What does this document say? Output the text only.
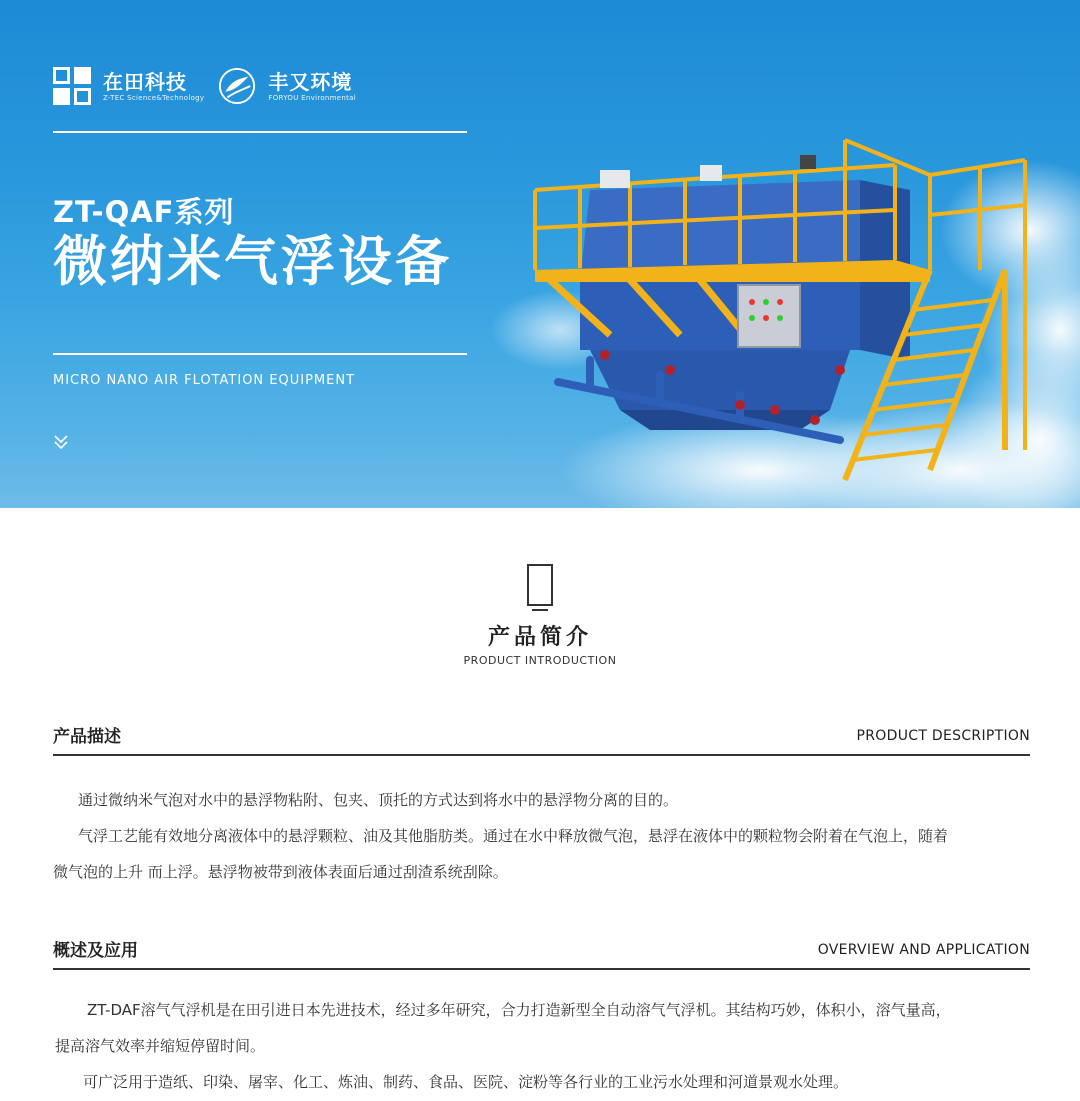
在田科技
Z-TEC Science&Technology
丰又环境
FORYOU Environmental
ZT-QAF系列
微纳米气浮设备
MICRO NANO AIR FLOTATION EQUIPMENT
产品简介
PRODUCT INTRODUCTION
产品描述	PRODUCT DESCRIPTION
通过微纳米气泡对水中的悬浮物粘附、包夹、顶托的方式达到将水中的悬浮物分离的目的。
气浮工艺能有效地分离液体中的悬浮颗粒、油及其他脂肪类。通过在水中释放微气泡，悬浮在液体中的颗粒物会附着在气泡上，随着
微气泡的上升 而上浮。悬浮物被带到液体表面后通过刮渣系统刮除。
概述及应用	OVERVIEW AND APPLICATION
ZT-DAF溶气气浮机是在田引进日本先进技术，经过多年研究，合力打造新型全自动溶气气浮机。其结构巧妙，体积小，溶气量高，
提高溶气效率并缩短停留时间。
可广泛用于造纸、印染、屠宰、化工、炼油、制药、食品、医院、淀粉等各行业的工业污水处理和河道景观水处理。
